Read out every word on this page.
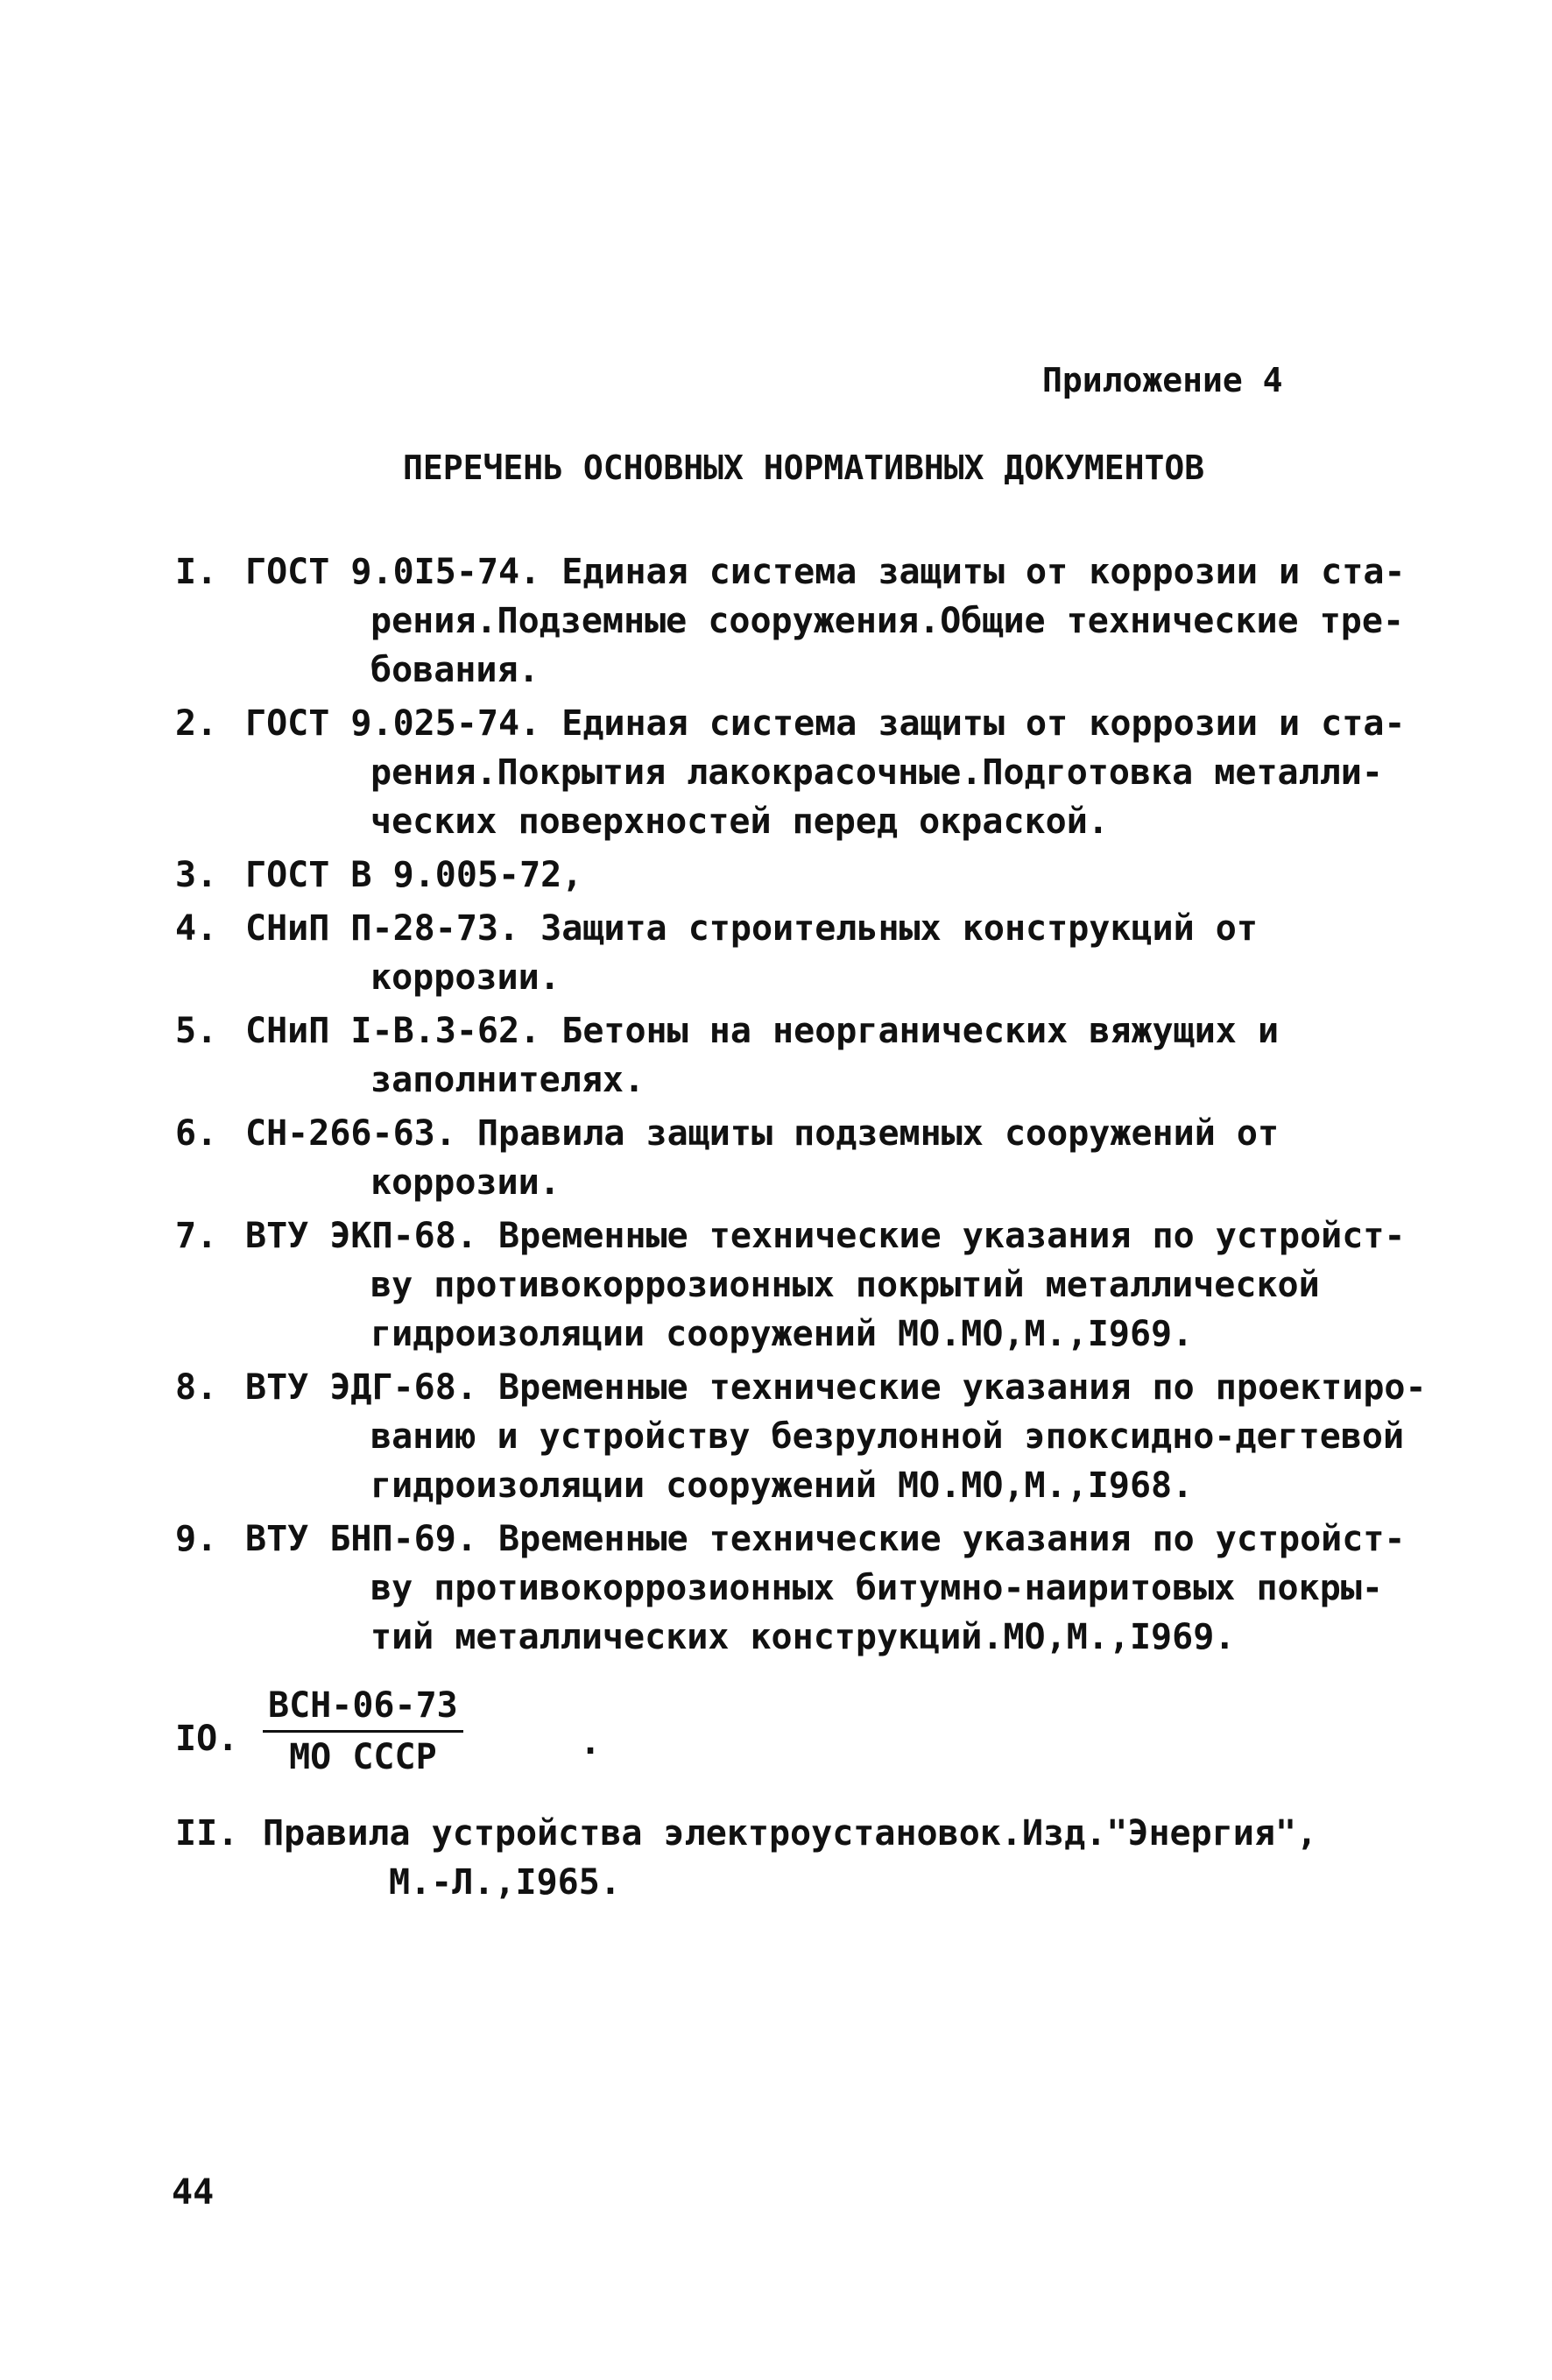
Приложение 4
ПЕРЕЧЕНЬ ОСНОВНЫХ НОРМАТИВНЫХ ДОКУМЕНТОВ
I. ГОСТ 9.0I5-74. Единая система защиты от коррозии и ста-
рения.Подземные сооружения.Общие технические тре-
бования.
2. ГОСТ 9.025-74. Единая система защиты от коррозии и ста-
рения.Покрытия лакокрасочные.Подготовка металли-
ческих поверхностей перед окраской.
3. ГОСТ В 9.005-72,
4. СНиП П-28-73. Защита строительных конструкций от
коррозии.
5. СНиП I-В.3-62. Бетоны на неорганических вяжущих и
заполнителях.
6. СН-266-63. Правила защиты подземных сооружений от
коррозии.
7. ВТУ ЭКП-68. Временные технические указания по устройст-
ву противокоррозионных покрытий металлической
гидроизоляции сооружений МО.МО,М.,I969.
8. ВТУ ЭДГ-68. Временные технические указания по проектиро-
ванию и устройству безрулонной эпоксидно-дегтевой
гидроизоляции сооружений МО.МО,М.,I968.
9. ВТУ БНП-69. Временные технические указания по устройст-
ву противокоррозионных битумно-наиритовых покры-
тий металлических конструкций.МО,М.,I969.
IO. $\frac{\text{ВСН-06-73}}{\text{МО СССР}}$	.
II. Правила устройства электроустановок.Изд."Энергия",
М.-Л.,I965.
44
